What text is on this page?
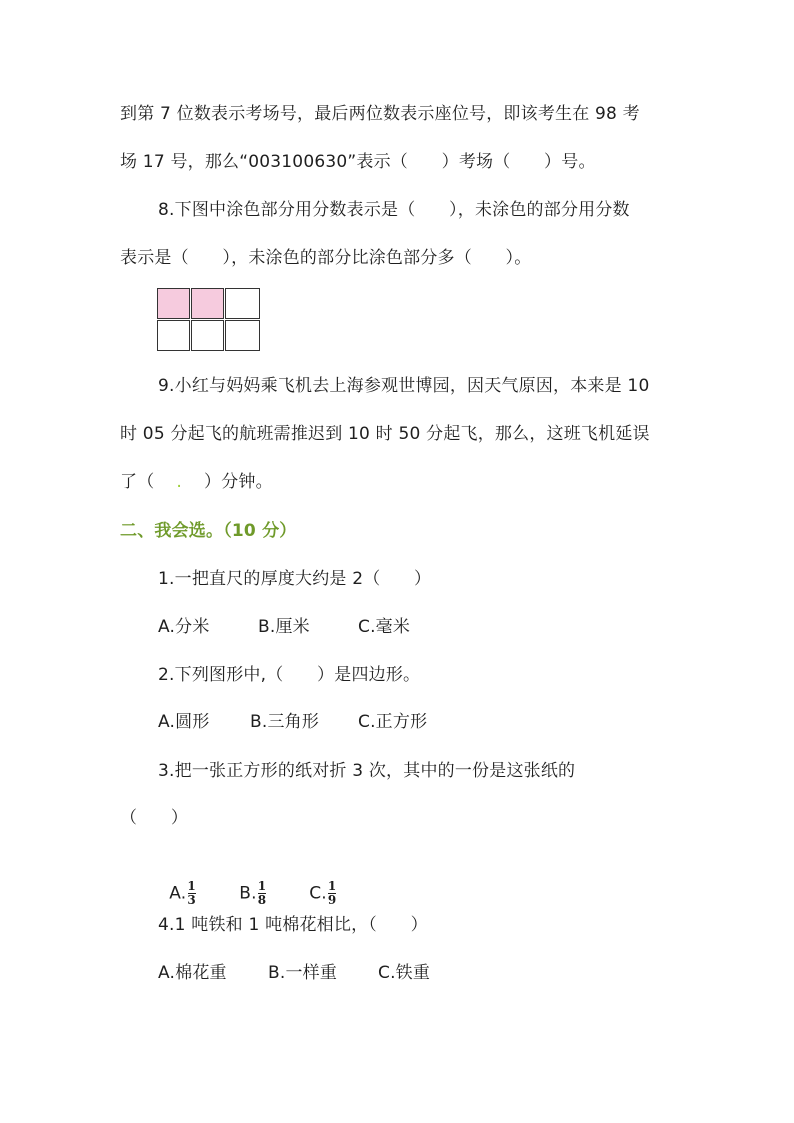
到第 7 位数表示考场号，最后两位数表示座位号，即该考生在 98 考
场 17 号，那么“003100630”表示（      ）考场（      ）号。
8.下图中涂色部分用分数表示是（      ），未涂色的部分用分数
表示是（      ），未涂色的部分比涂色部分多（      ）。
9.小红与妈妈乘飞机去上海参观世博园，因天气原因，本来是 10
时 05 分起飞的航班需推迟到 10 时 50 分起飞，那么，这班飞机延误
了（ . ）分钟。
二、我会选。（10 分）
1.一把直尺的厚度大约是 2（      ）
A.分米	B.厘米	C.毫米
2.下列图形中,（      ）是四边形。
A.圆形 B.三角形 C.正方形
3.把一张正方形的纸对折 3 次，其中的一份是这张纸的
（      ）

A. $\frac{1}{3}$	B. $\frac{1}{8}$	C. $\frac{1}{9}$

4.1 吨铁和 1 吨棉花相比，（      ）
A.棉花重 B.一样重 C.铁重
